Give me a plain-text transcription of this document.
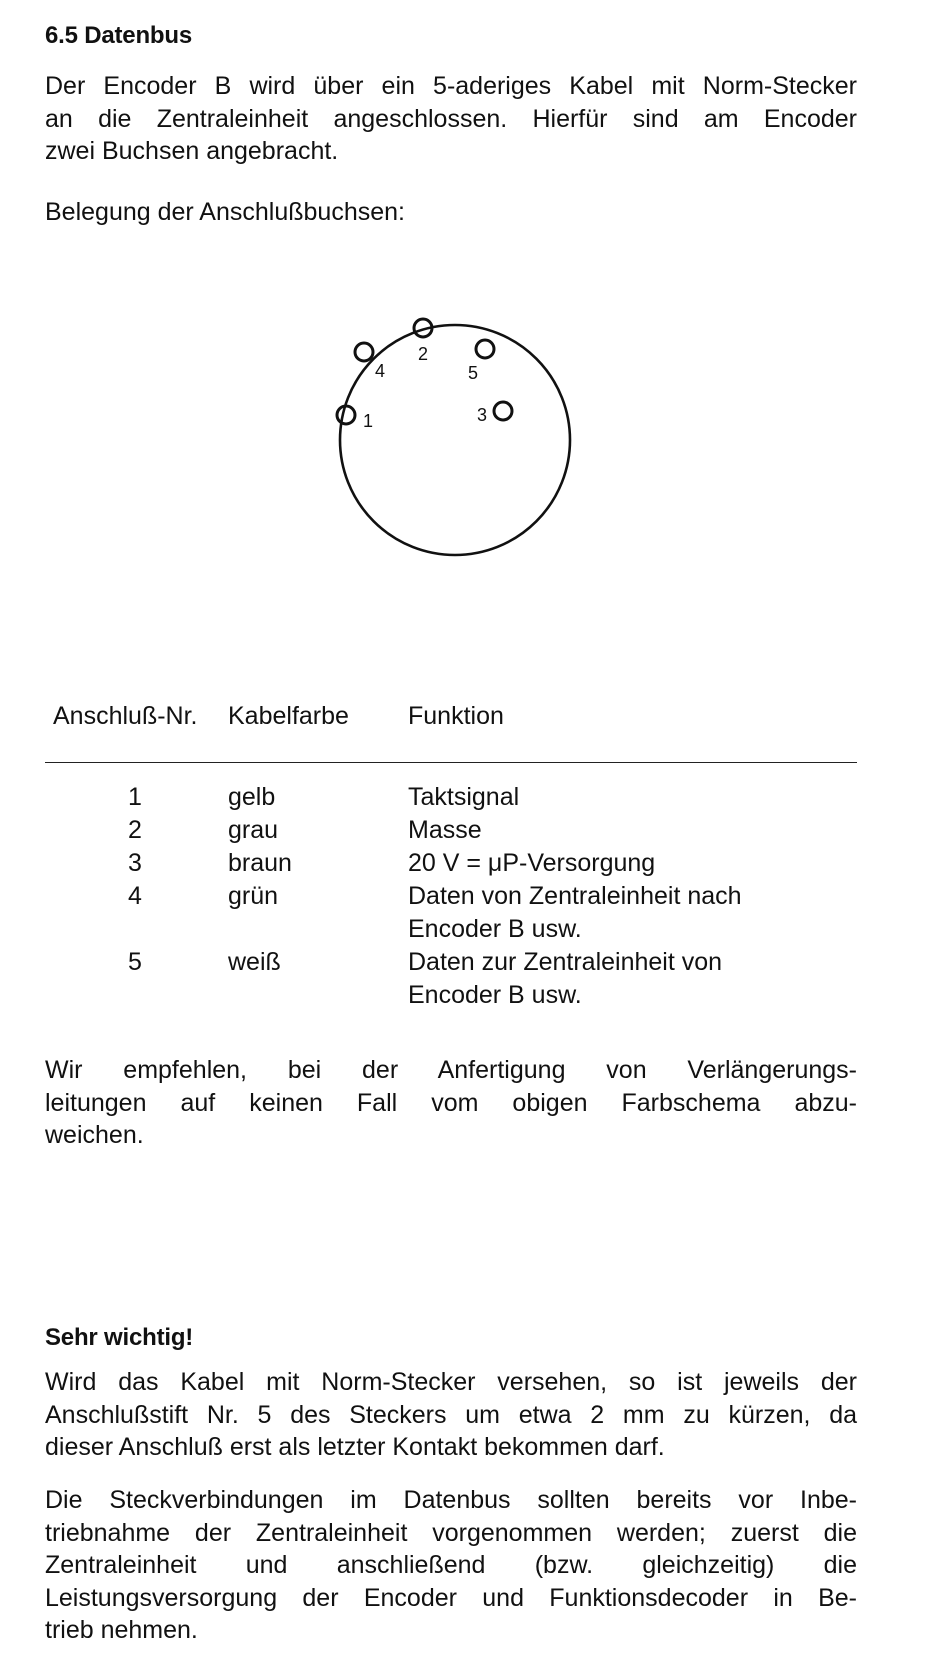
6.5 Datenbus
Der Encoder B wird über ein 5-aderiges Kabel mit Norm-Stecker
an die Zentraleinheit angeschlossen. Hierfür sind am Encoder
zwei Buchsen angebracht.
Belegung der Anschlußbuchsen:
1
2
3
4	5
Anschluß-Nr. Kabelfarbe Funktion
1	gelb	Taktsignal
2	grau	Masse
3	braun	20 V = μP-Versorgung
4	grün	Daten von Zentraleinheit nach
Encoder B usw.
5	weiß	Daten zur Zentraleinheit von
Encoder B usw.
Wir empfehlen, bei der Anfertigung von Verlängerungs-
leitungen auf keinen Fall vom obigen Farbschema abzu-
weichen.
Sehr wichtig!
Wird das Kabel mit Norm-Stecker versehen, so ist jeweils der
Anschlußstift Nr. 5 des Steckers um etwa 2 mm zu kürzen, da
dieser Anschluß erst als letzter Kontakt bekommen darf.
Die Steckverbindungen im Datenbus sollten bereits vor Inbe-
triebnahme der Zentraleinheit vorgenommen werden; zuerst die
Zentraleinheit und anschließend (bzw. gleichzeitig) die
Leistungsversorgung der Encoder und Funktionsdecoder in Be-
trieb nehmen.
